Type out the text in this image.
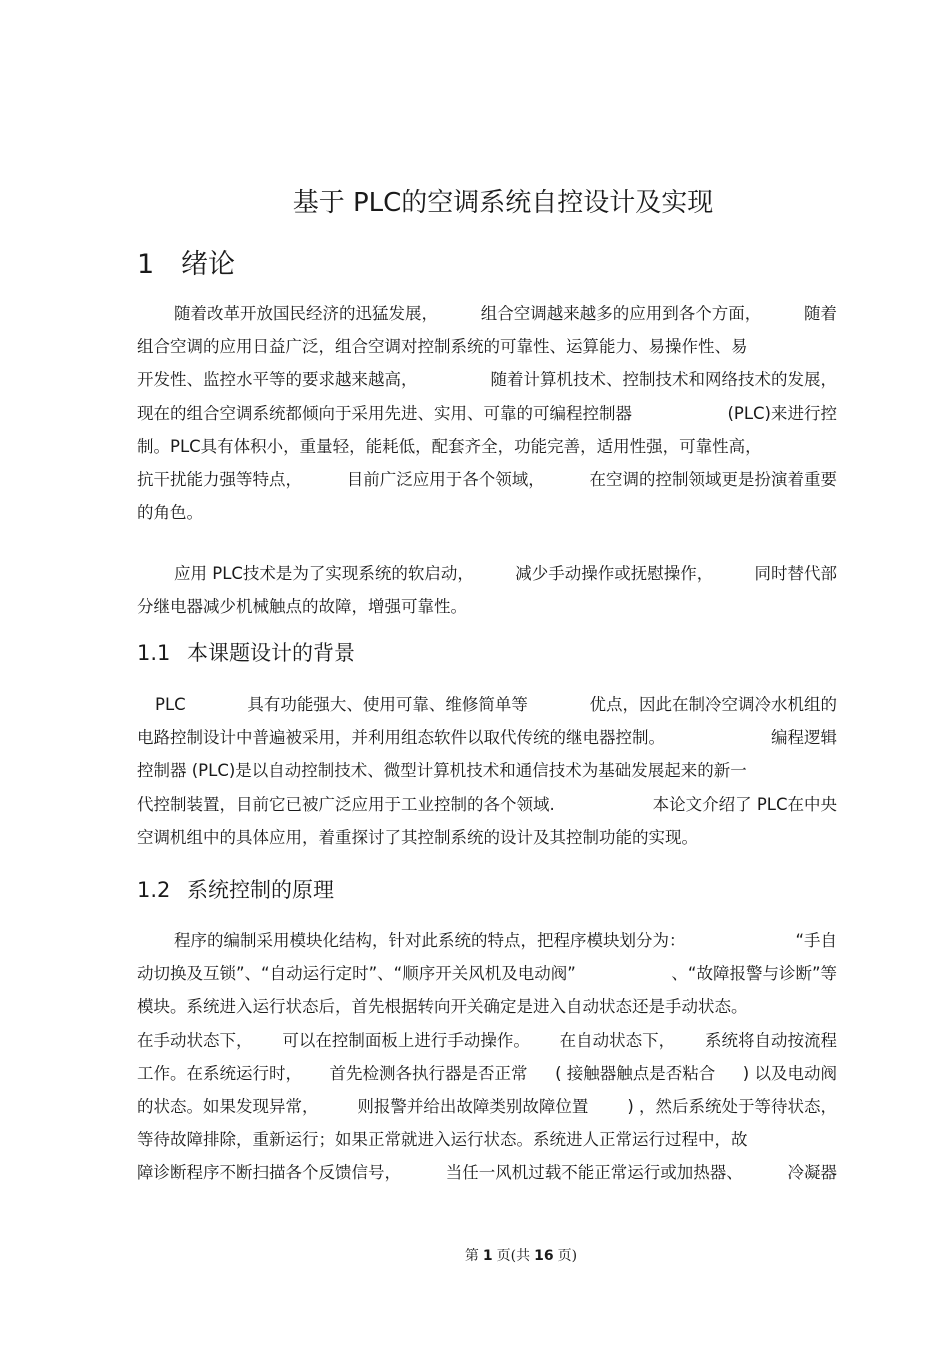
基于 PLC的空调系统自控设计及实现
1 绪论
随着改革开放国民经济的迅猛发展，	组合空调越来越多的应用到各个方面，	随着
组合空调的应用日益广泛，组合空调对控制系统的可靠性、运算能力、易操作性、易
开发性、监控水平等的要求越来越高，	随着计算机技术、控制技术和网络技术的发展，
现在的组合空调系统都倾向于采用先进、实用、可靠的可编程控制器	(PLC)来进行控
制。PLC具有体积小，重量轻，能耗低，配套齐全，功能完善，适用性强，可靠性高，
抗干扰能力强等特点，	目前广泛应用于各个领域，	在空调的控制领域更是扮演着重要
的角色。
应用 PLC技术是为了实现系统的软启动，	减少手动操作或抚慰操作，	同时替代部
分继电器减少机械触点的故障，增强可靠性。
1.1 本课题设计的背景
PLC	具有功能强大、使用可靠、维修简单等	优点，因此在制冷空调冷水机组的
电路控制设计中普遍被采用，并利用组态软件以取代传统的继电器控制。	编程逻辑
控制器 (PLC)是以自动控制技术、微型计算机技术和通信技术为基础发展起来的新一
代控制装置，目前它已被广泛应用于工业控制的各个领域.	本论文介绍了 PLC在中央
空调机组中的具体应用，着重探讨了其控制系统的设计及其控制功能的实现。
1.2 系统控制的原理
程序的编制采用模块化结构，针对此系统的特点，把程序模块划分为：	“手自
动切换及互锁”、“自动运行定时”、“顺序开关风机及电动阀”	、“故障报警与诊断”等
模块。系统进入运行状态后，首先根据转向开关确定是进入自动状态还是手动状态。
在手动状态下， 可以在控制面板上进行手动操作。 在自动状态下， 系统将自动按流程
工作。在系统运行时， 首先检测各执行器是否正常 ( 接触器触点是否粘合 ) 以及电动阀
的状态。如果发现异常， 则报警并给出故障类别故障位置 ) ，然后系统处于等待状态，
等待故障排除，重新运行；如果正常就进入运行状态。系统进人正常运行过程中，故
障诊断程序不断扫描各个反馈信号，	当任一风机过载不能正常运行或加热器、	冷凝器
第 1 页(共 16 页)
